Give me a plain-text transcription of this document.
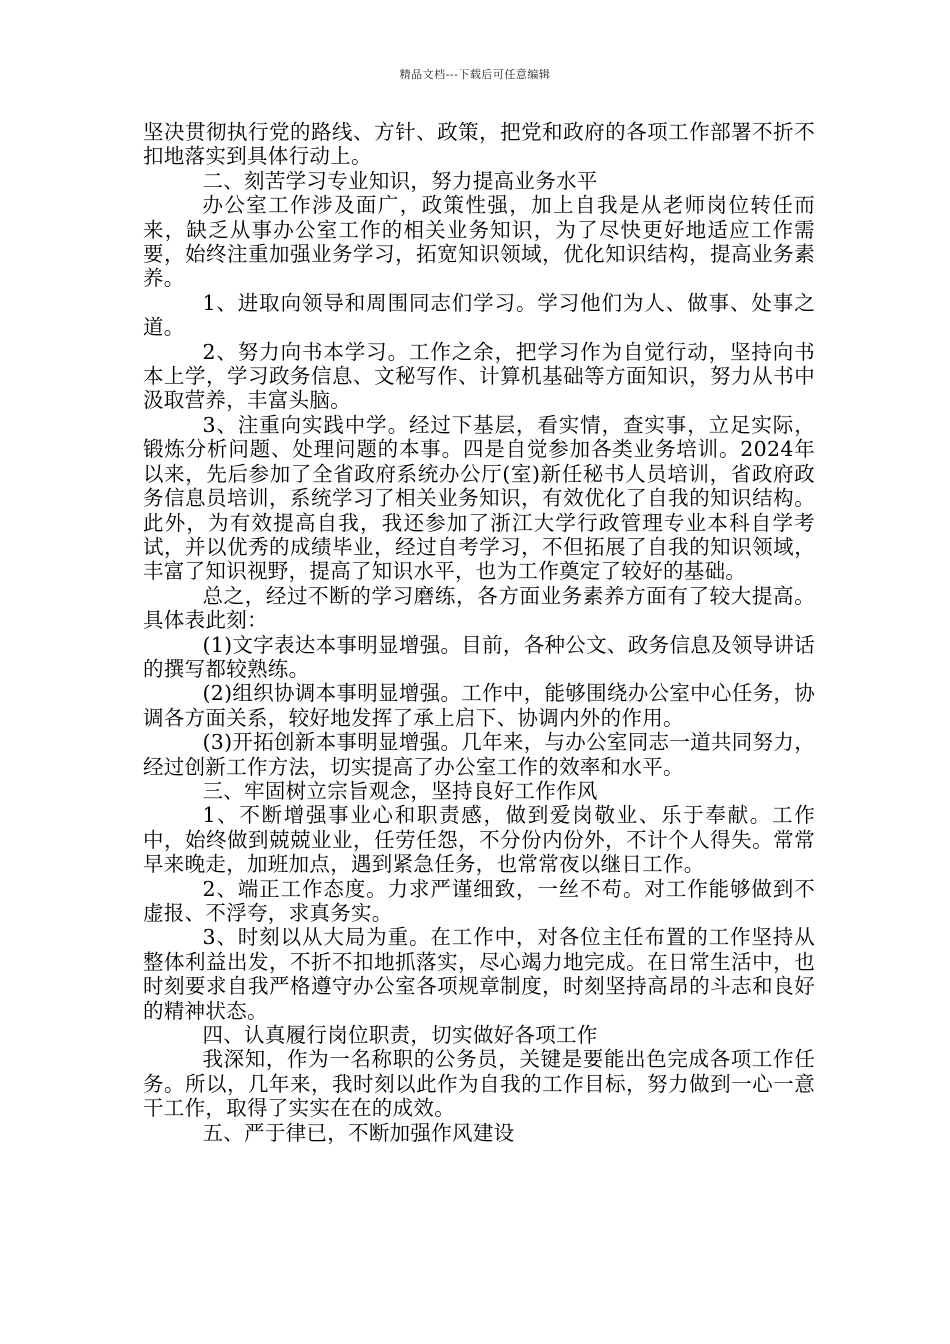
精品文档---下载后可任意编辑

坚决贯彻执行党的路线、方针、政策，把党和政府的各项工作部署不折不扣地落实到具体行动上。

二、刻苦学习专业知识，努力提高业务水平

办公室工作涉及面广，政策性强，加上自我是从老师岗位转任而来，缺乏从事办公室工作的相关业务知识，为了尽快更好地适应工作需要，始终注重加强业务学习，拓宽知识领域，优化知识结构，提高业务素养。

1、进取向领导和周围同志们学习。学习他们为人、做事、处事之道。

2、努力向书本学习。工作之余，把学习作为自觉行动，坚持向书本上学，学习政务信息、文秘写作、计算机基础等方面知识，努力从书中汲取营养，丰富头脑。

3、注重向实践中学。经过下基层，看实情，查实事，立足实际，锻炼分析问题、处理问题的本事。四是自觉参加各类业务培训。2024年以来，先后参加了全省政府系统办公厅(室)新任秘书人员培训，省政府政务信息员培训，系统学习了相关业务知识，有效优化了自我的知识结构。此外，为有效提高自我，我还参加了浙江大学行政管理专业本科自学考试，并以优秀的成绩毕业，经过自考学习，不但拓展了自我的知识领域，丰富了知识视野，提高了知识水平，也为工作奠定了较好的基础。

总之，经过不断的学习磨练，各方面业务素养方面有了较大提高。具体表此刻：

(1)文字表达本事明显增强。目前，各种公文、政务信息及领导讲话的撰写都较熟练。

(2)组织协调本事明显增强。工作中，能够围绕办公室中心任务，协调各方面关系，较好地发挥了承上启下、协调内外的作用。

(3)开拓创新本事明显增强。几年来，与办公室同志一道共同努力，经过创新工作方法，切实提高了办公室工作的效率和水平。

三、牢固树立宗旨观念，坚持良好工作作风

1、不断增强事业心和职责感，做到爱岗敬业、乐于奉献。工作中，始终做到兢兢业业，任劳任怨，不分份内份外，不计个人得失。常常早来晚走，加班加点，遇到紧急任务，也常常夜以继日工作。

2、端正工作态度。力求严谨细致，一丝不苟。对工作能够做到不虚报、不浮夸，求真务实。

3、时刻以从大局为重。在工作中，对各位主任布置的工作坚持从整体利益出发，不折不扣地抓落实，尽心竭力地完成。在日常生活中，也时刻要求自我严格遵守办公室各项规章制度，时刻坚持高昂的斗志和良好的精神状态。

四、认真履行岗位职责，切实做好各项工作

我深知，作为一名称职的公务员，关键是要能出色完成各项工作任务。所以，几年来，我时刻以此作为自我的工作目标，努力做到一心一意干工作，取得了实实在在的成效。

五、严于律已，不断加强作风建设
